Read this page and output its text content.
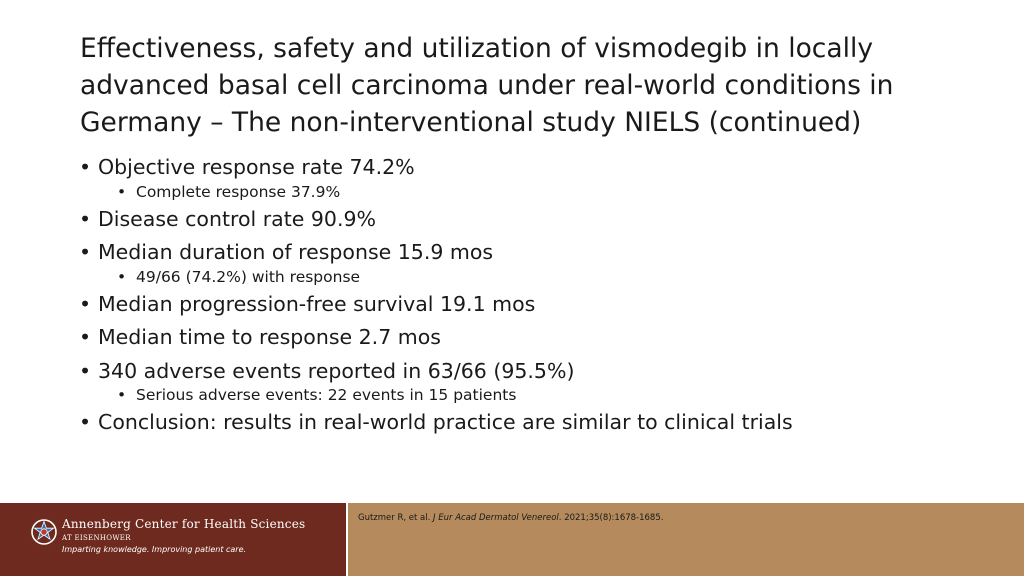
Effectiveness, safety and utilization of vismodegib in locally advanced basal cell carcinoma under real-world conditions in Germany – The non-interventional study NIELS (continued)
• Objective response rate 74.2%
• Complete response 37.9%
• Disease control rate 90.9%
• Median duration of response 15.9 mos
• 49/66 (74.2%) with response
• Median progression-free survival 19.1 mos
• Median time to response 2.7 mos
• 340 adverse events reported in 63/66 (95.5%)
• Serious adverse events: 22 events in 15 patients
• Conclusion: results in real-world practice are similar to clinical trials
Annenberg Center for Health Sciences
AT EISENHOWER
Imparting knowledge. Improving patient care.
Gutzmer R, et al. J Eur Acad Dermatol Venereol. 2021;35(8):1678-1685.
